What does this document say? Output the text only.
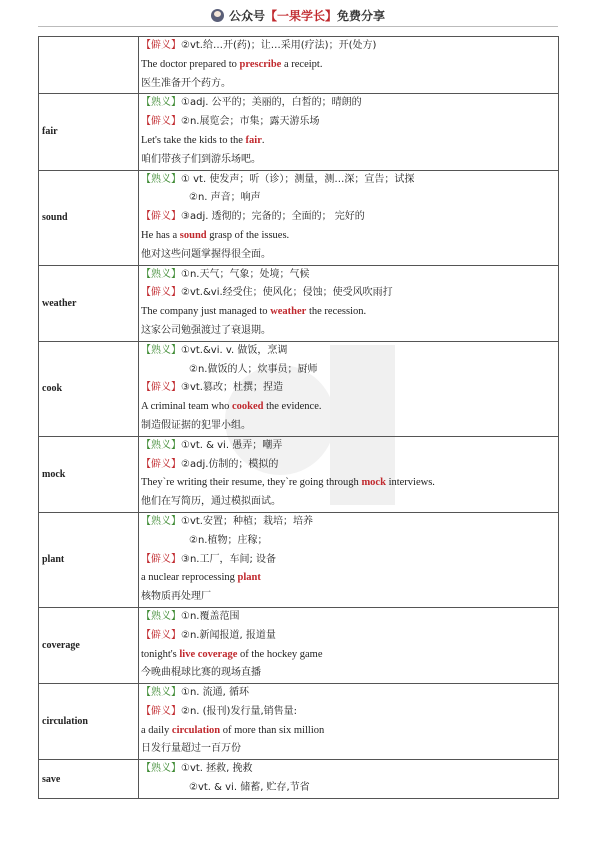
公众号【一果学长】免费分享

	【僻义】②vt.给…开(药)；让…采用(疗法)；开(处方)
The doctor prepared to prescribe a receipt.
医生准备开个药方。

fair	【熟义】①adj. 公平的；美丽的，白皙的；晴朗的
【僻义】②n.展览会；市集；露天游乐场
Let's take the kids to the fair.
咱们带孩子们到游乐场吧。

sound	【熟义】① vt. 使发声；听（诊）；测量，测…深；宣告；试探
②n. 声音；响声
【僻义】③adj. 透彻的；完备的；全面的； 完好的
He has a sound grasp of the issues.
他对这些问题掌握得很全面。

weather	【熟义】①n.天气；气象；处境；气候
【僻义】②vt.&vi.经受住；使风化；侵蚀；使受风吹雨打
The company just managed to weather the recession.
这家公司勉强渡过了衰退期。

cook	【熟义】①vt.&vi. v. 做饭，烹调
②n.做饭的人；炊事员；厨师
【僻义】③vt.篡改；杜撰；捏造
A criminal team who cooked the evidence.
制造假证据的犯罪小组。

mock	【熟义】①vt. & vi. 愚弄；嘲弄
【僻义】②adj.仿制的；模拟的
They`re writing their resume, they`re going through mock interviews.
他们在写简历，通过模拟面试。

plant	【熟义】①vt.安置；种植；栽培；培养
②n.植物；庄稼；
【僻义】③n.工厂，车间; 设备
a nuclear reprocessing plant
核物质再处理厂

coverage	【熟义】①n.覆盖范围
【僻义】②n.新闻报道, 报道量
tonight's live coverage of the hockey game
今晚曲棍球比赛的现场直播

circulation	【熟义】①n. 流通, 循环
【僻义】②n. (报刊)发行量,销售量:
a daily circulation of more than six million
日发行量超过一百万份

save	【熟义】①vt. 拯救, 挽救
②vt. & vi. 储蓄, 贮存,节省
